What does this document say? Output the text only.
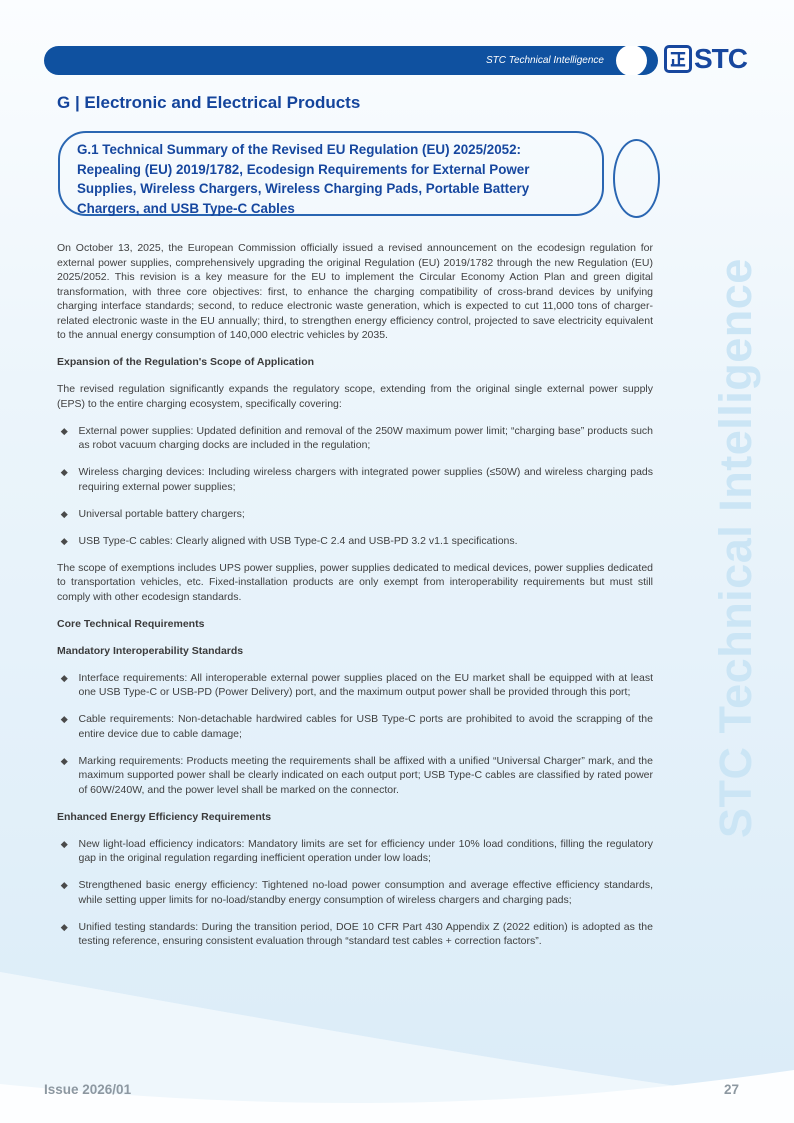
STC Technical Intelligence
STC Technical Intelligence	STC
G | Electronic and Electrical Products
G.1 Technical Summary of the Revised EU Regulation (EU) 2025/2052: Repealing (EU) 2019/1782, Ecodesign Requirements for External Power Supplies, Wireless Chargers, Wireless Charging Pads, Portable Battery Chargers, and USB Type-C Cables

On October 13, 2025, the European Commission officially issued a revised announcement on the ecodesign regulation for external power supplies, comprehensively upgrading the original Regulation (EU) 2019/1782 through the new Regulation (EU) 2025/2052. This revision is a key measure for the EU to implement the Circular Economy Action Plan and green digital transformation, with three core objectives: first, to enhance the charging compatibility of cross-brand devices by unifying charging interface standards; second, to reduce electronic waste generation, which is expected to cut 11,000 tons of charger-related electronic waste in the EU annually; third, to strengthen energy efficiency control, projected to save electricity equivalent to the annual energy consumption of 140,000 electric vehicles by 2035.

Expansion of the Regulation's Scope of Application

The revised regulation significantly expands the regulatory scope, extending from the original single external power supply (EPS) to the entire charging ecosystem, specifically covering:

External power supplies: Updated definition and removal of the 250W maximum power limit; “charging base” products such as robot vacuum charging docks are included in the regulation;
Wireless charging devices: Including wireless chargers with integrated power supplies (≤50W) and wireless charging pads requiring external power supplies;
Universal portable battery chargers;
USB Type-C cables: Clearly aligned with USB Type-C 2.4 and USB-PD 3.2 v1.1 specifications.

The scope of exemptions includes UPS power supplies, power supplies dedicated to medical devices, power supplies dedicated to transportation vehicles, etc. Fixed-installation products are only exempt from interoperability requirements but must still comply with other ecodesign standards.

Core Technical Requirements
Mandatory Interoperability Standards
Interface requirements: All interoperable external power supplies placed on the EU market shall be equipped with at least one USB Type-C or USB-PD (Power Delivery) port, and the maximum output power shall be provided through this port;
Cable requirements: Non-detachable hardwired cables for USB Type-C ports are prohibited to avoid the scrapping of the entire device due to cable damage;
Marking requirements: Products meeting the requirements shall be affixed with a unified “Universal Charger” mark, and the maximum supported power shall be clearly indicated on each output port; USB Type-C cables are classified by rated power of 60W/240W, and the power level shall be marked on the connector.
Enhanced Energy Efficiency Requirements
New light-load efficiency indicators: Mandatory limits are set for efficiency under 10% load conditions, filling the regulatory gap in the original regulation regarding inefficient operation under low loads;
Strengthened basic energy efficiency: Tightened no-load power consumption and average effective efficiency standards, while setting upper limits for no-load/standby energy consumption of wireless chargers and charging pads;
Unified testing standards: During the transition period, DOE 10 CFR Part 430 Appendix Z (2022 edition) is adopted as the testing reference, ensuring consistent evaluation through “standard test cables + correction factors”.
Issue 2026/01	27
